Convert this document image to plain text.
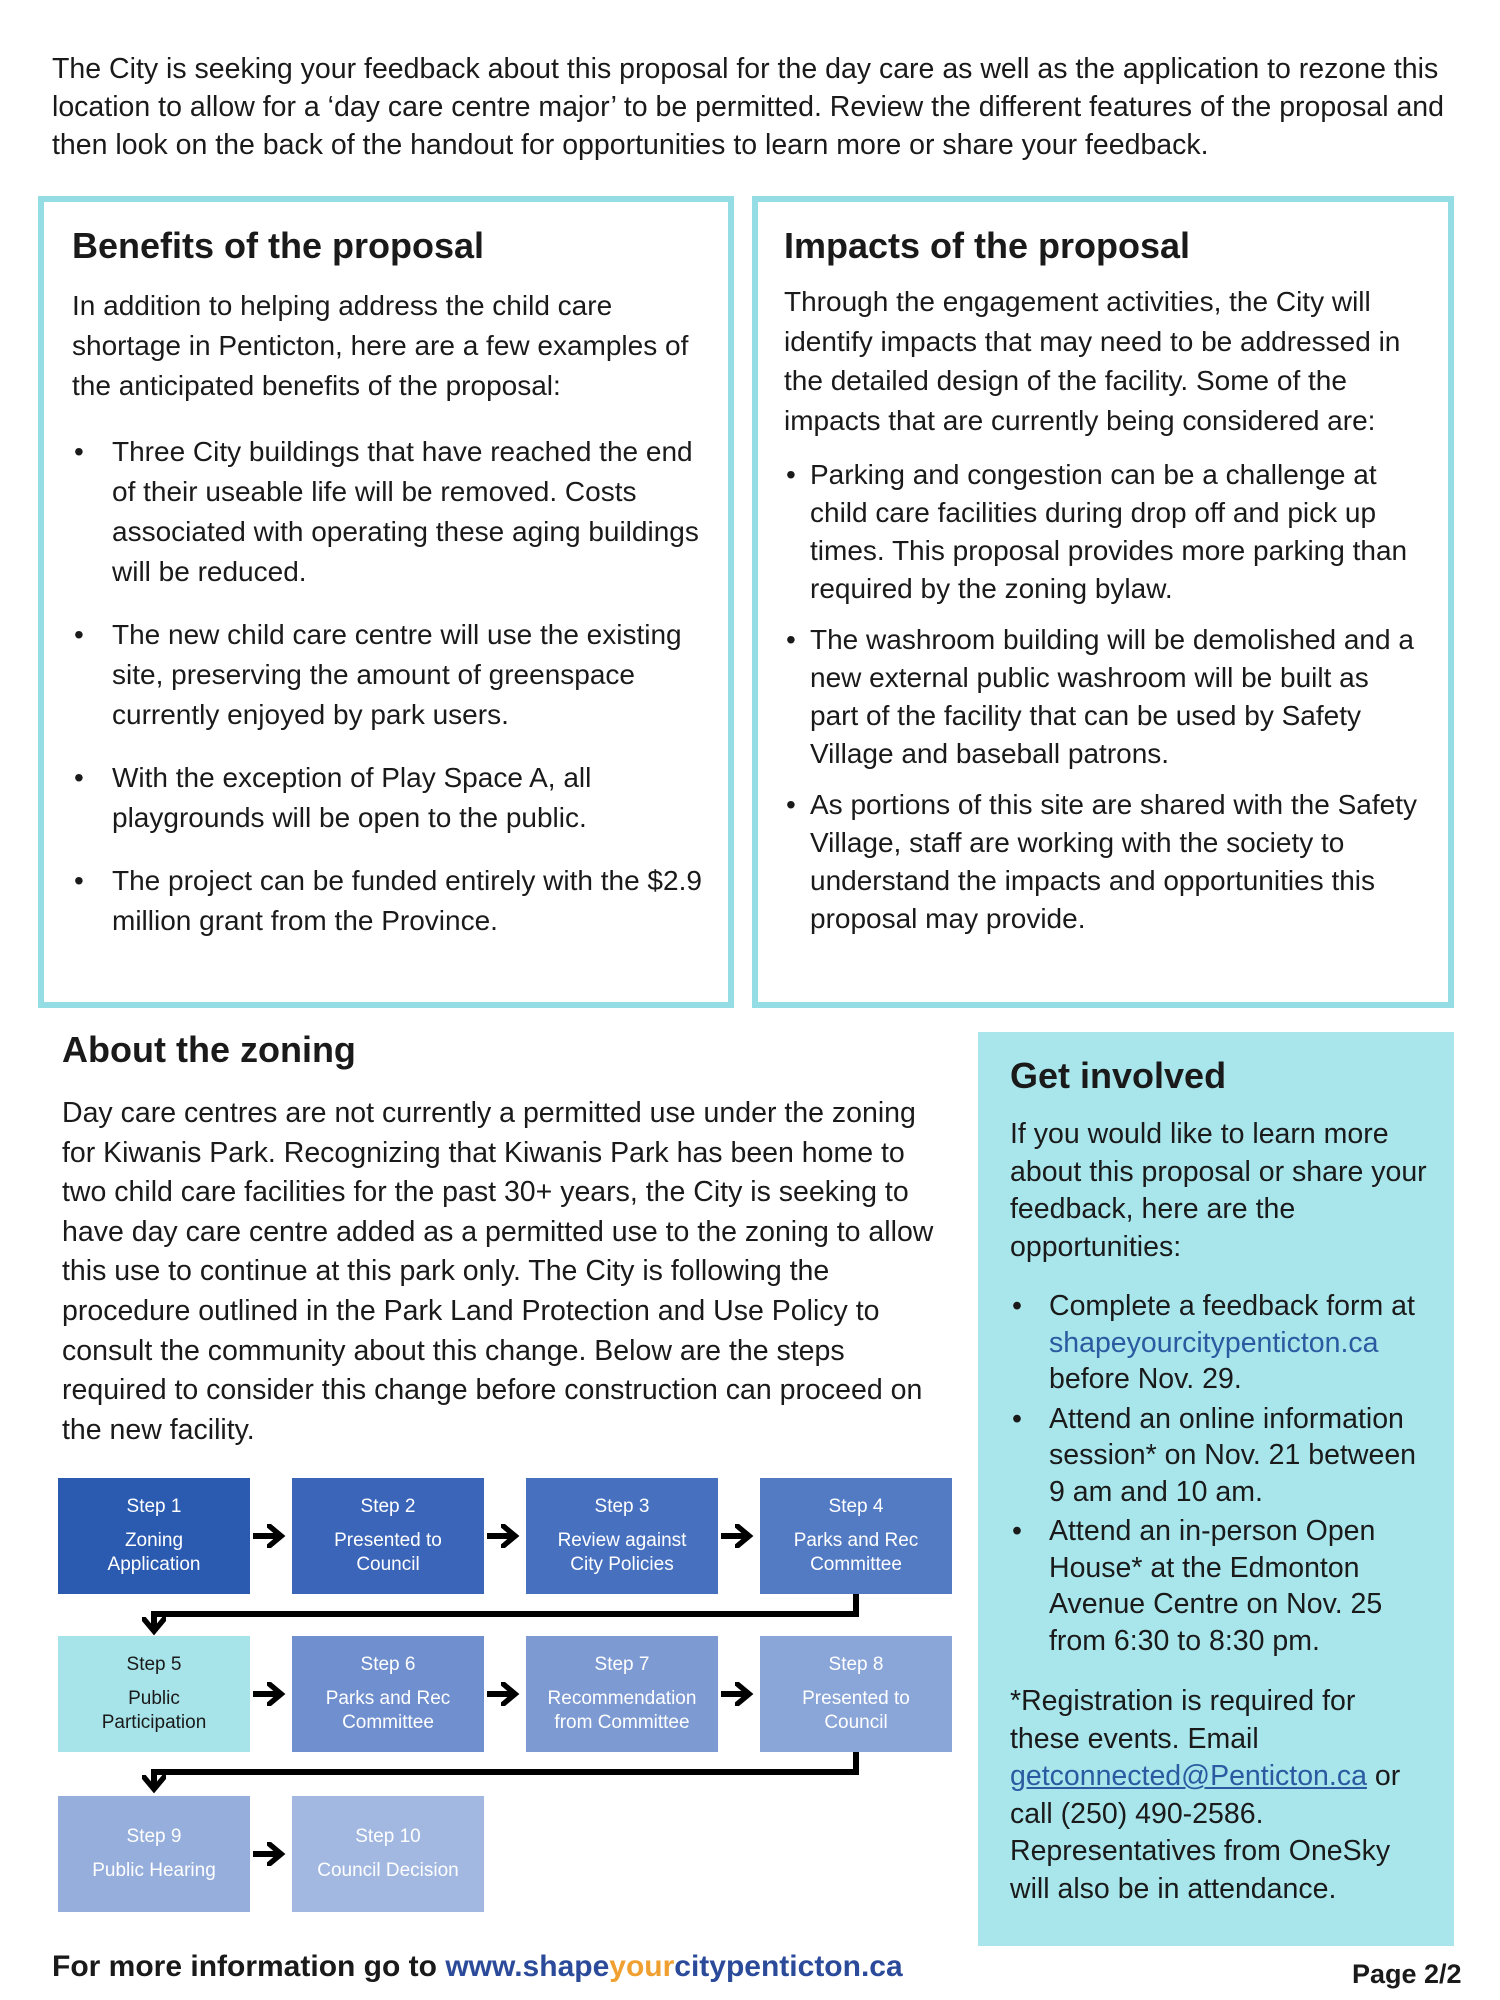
The City is seeking your feedback about this proposal for the day care as well as the application to rezone this location to allow for a ‘day care centre major’ to be permitted. Review the different features of the proposal and then look on the back of the handout for opportunities to learn more or share your feedback.

Benefits of the proposal

In addition to helping address the child care shortage in Penticton, here are a few examples of the anticipated benefits of the proposal:

• Three City buildings that have reached the end of their useable life will be removed. Costs associated with operating these aging buildings will be reduced.
• The new child care centre will use the existing site, preserving the amount of greenspace currently enjoyed by park users.
• With the exception of Play Space A, all playgrounds will be open to the public.
• The project can be funded entirely with the $2.9 million grant from the Province.
Impacts of the proposal

Through the engagement activities, the City will identify impacts that may need to be addressed in the detailed design of the facility. Some of the impacts that are currently being considered are:

• Parking and congestion can be a challenge at child care facilities during drop off and pick up times. This proposal provides more parking than required by the zoning bylaw.
• The washroom building will be demolished and a new external public washroom will be built as part of the facility that can be used by Safety Village and baseball patrons.
• As portions of this site are shared with the Safety Village, staff are working with the society to understand the impacts and opportunities this proposal may provide.
About the zoning

Day care centres are not currently a permitted use under the zoning for Kiwanis Park. Recognizing that Kiwanis Park has been home to two child care facilities for the past 30+ years, the City is seeking to have day care centre added as a permitted use to the zoning to allow this use to continue at this park only. The City is following the procedure outlined in the Park Land Protection and Use Policy to consult the community about this change. Below are the steps required to consider this change before construction can proceed on the new facility.

Step 1
Zoning
Application
Step 2
Presented to
Council
Step 3
Review against
City Policies
Step 4
Parks and Rec
Committee
Step 5
Public
Participation
Step 6
Parks and Rec
Committee
Step 7
Recommendation
from Committee
Step 8
Presented to
Council
Step 9
Public Hearing
Step 10
Council Decision
Get involved

If you would like to learn more about this proposal or share your feedback, here are the opportunities:

• Complete a feedback form at shapeyourcitypenticton.ca before Nov. 29.
• Attend an online information session* on Nov. 21 between 9 am and 10 am.
• Attend an in-person Open House* at the Edmonton Avenue Centre on Nov. 25 from 6:30 to 8:30 pm.

*Registration is required for these events. Email getconnected@Penticton.ca or call (250) 490-2586. Representatives from OneSky will also be in attendance.

For more information go to www.shapeyourcitypenticton.ca	Page 2/2
